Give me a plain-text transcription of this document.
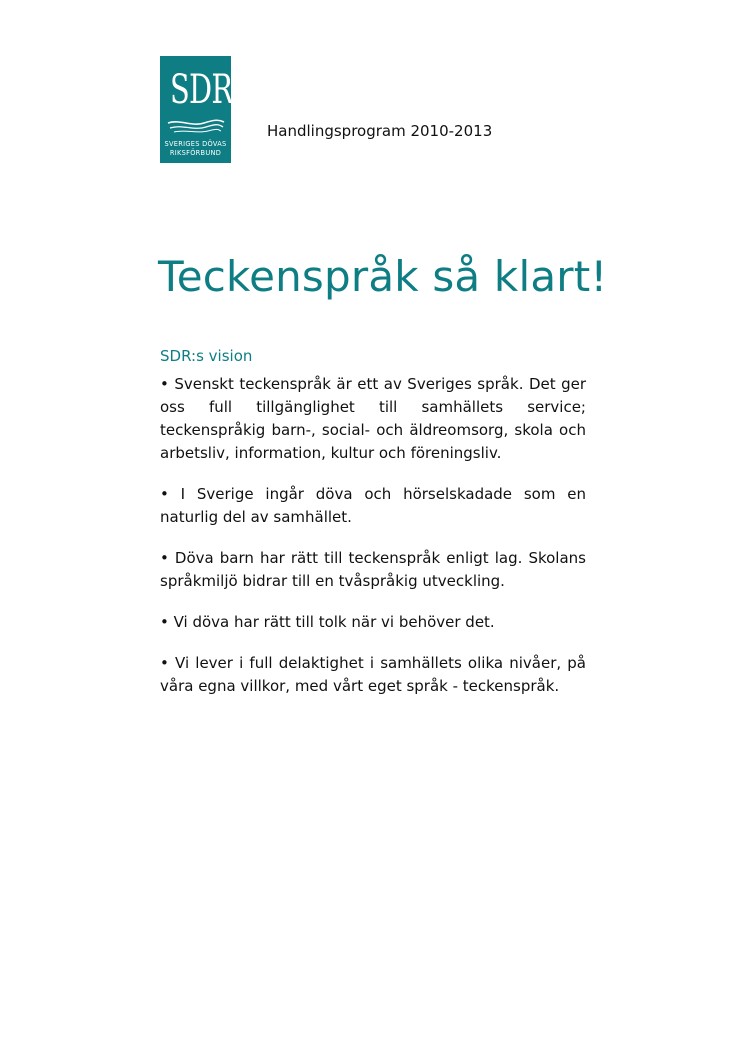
SDR
SVERIGES DÖVAS
RIKSFÖRBUND
Handlingsprogram 2010-2013
Teckenspråk så klart!
SDR:s vision
• Svenskt teckenspråk är ett av Sveriges språk. Det ger oss full tillgänglighet till samhällets service; teckenspråkig barn-, social- och äldreomsorg, skola och arbetsliv, information, kultur och föreningsliv.
• I Sverige ingår döva och hörselskadade som en naturlig del av samhället.
• Döva barn har rätt till teckenspråk enligt lag. Skolans språkmiljö bidrar till en tvåspråkig utveckling.
• Vi döva har rätt till tolk när vi behöver det.
• Vi lever i full delaktighet i samhällets olika nivåer, på våra egna villkor, med vårt eget språk - teckenspråk.
